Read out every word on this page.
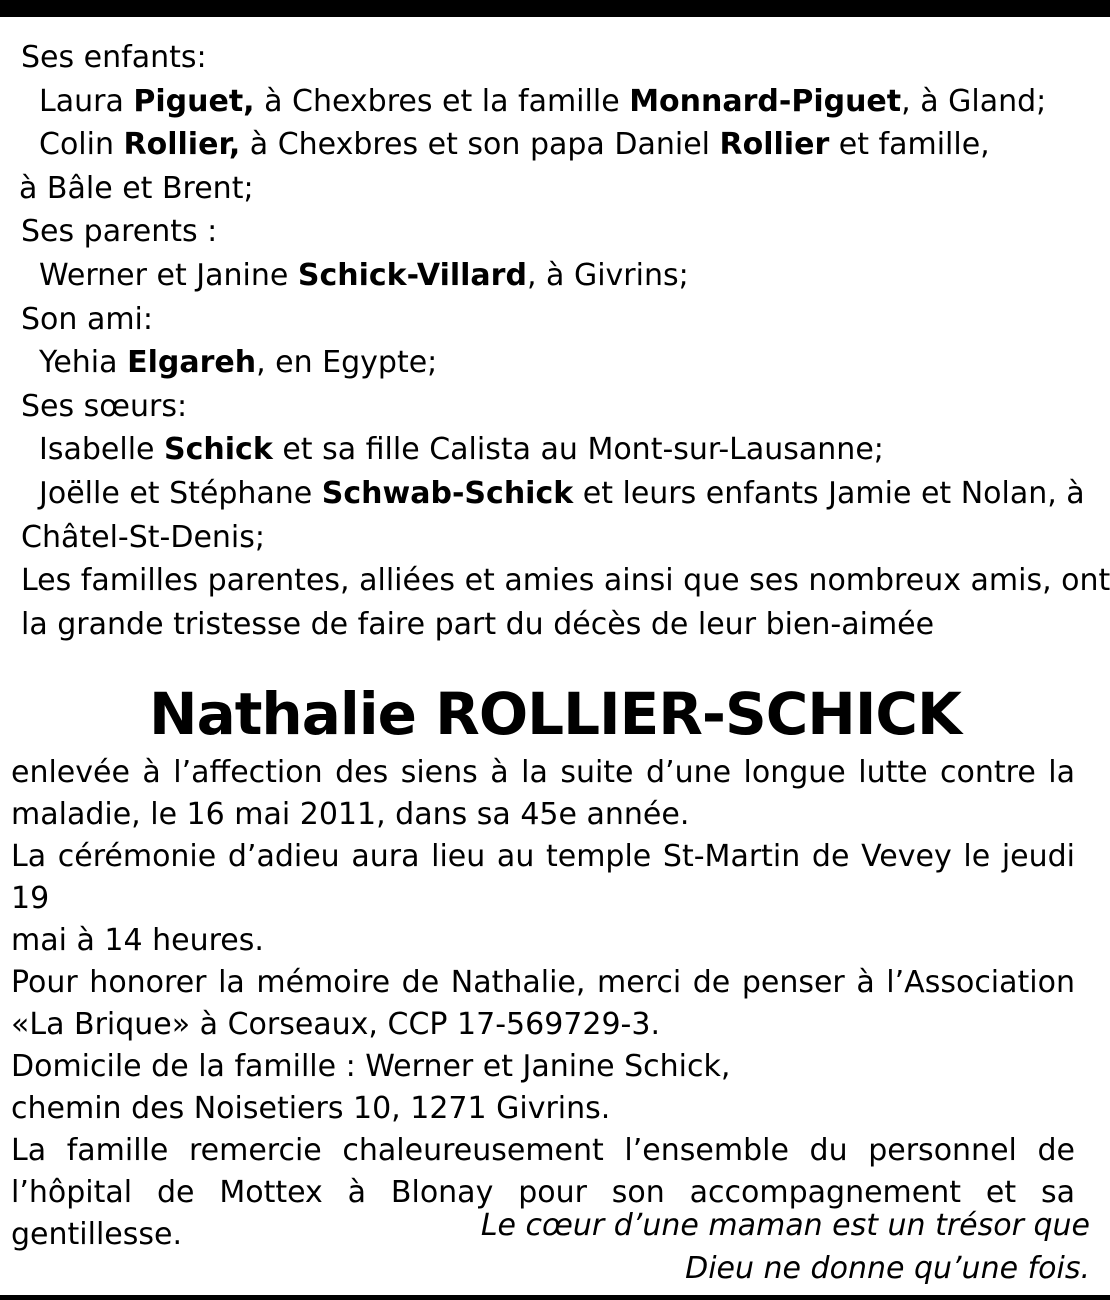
Ses enfants:
Laura Piguet, à Chexbres et la famille Monnard-Piguet, à Gland;
Colin Rollier, à Chexbres et son papa Daniel Rollier et famille,
à Bâle et Brent;
Ses parents :
Werner et Janine Schick-Villard, à Givrins;
Son ami:
Yehia Elgareh, en Egypte;
Ses sœurs:
Isabelle Schick et sa fille Calista au Mont-sur-Lausanne;
Joëlle et Stéphane Schwab-Schick et leurs enfants Jamie et Nolan, à
Châtel-St-Denis;
Les familles parentes, alliées et amies ainsi que ses nombreux amis, ont
la grande tristesse de faire part du décès de leur bien-aimée
Nathalie ROLLIER-SCHICK
enlevée à l’affection des siens à la suite d’une longue lutte contre la
maladie, le 16 mai 2011, dans sa 45e année.
La cérémonie d’adieu aura lieu au temple St-Martin de Vevey le jeudi 19
mai à 14 heures.
Pour honorer la mémoire de Nathalie, merci de penser à l’Association
«La Brique» à Corseaux, CCP 17-569729-3.
Domicile de la famille : Werner et Janine Schick,
chemin des Noisetiers 10, 1271 Givrins.
La famille remercie chaleureusement l’ensemble du personnel de
l’hôpital de Mottex à Blonay pour son accompagnement et sa
gentillesse.	Le cœur d’une maman est un trésor que
Dieu ne donne qu’une fois.
